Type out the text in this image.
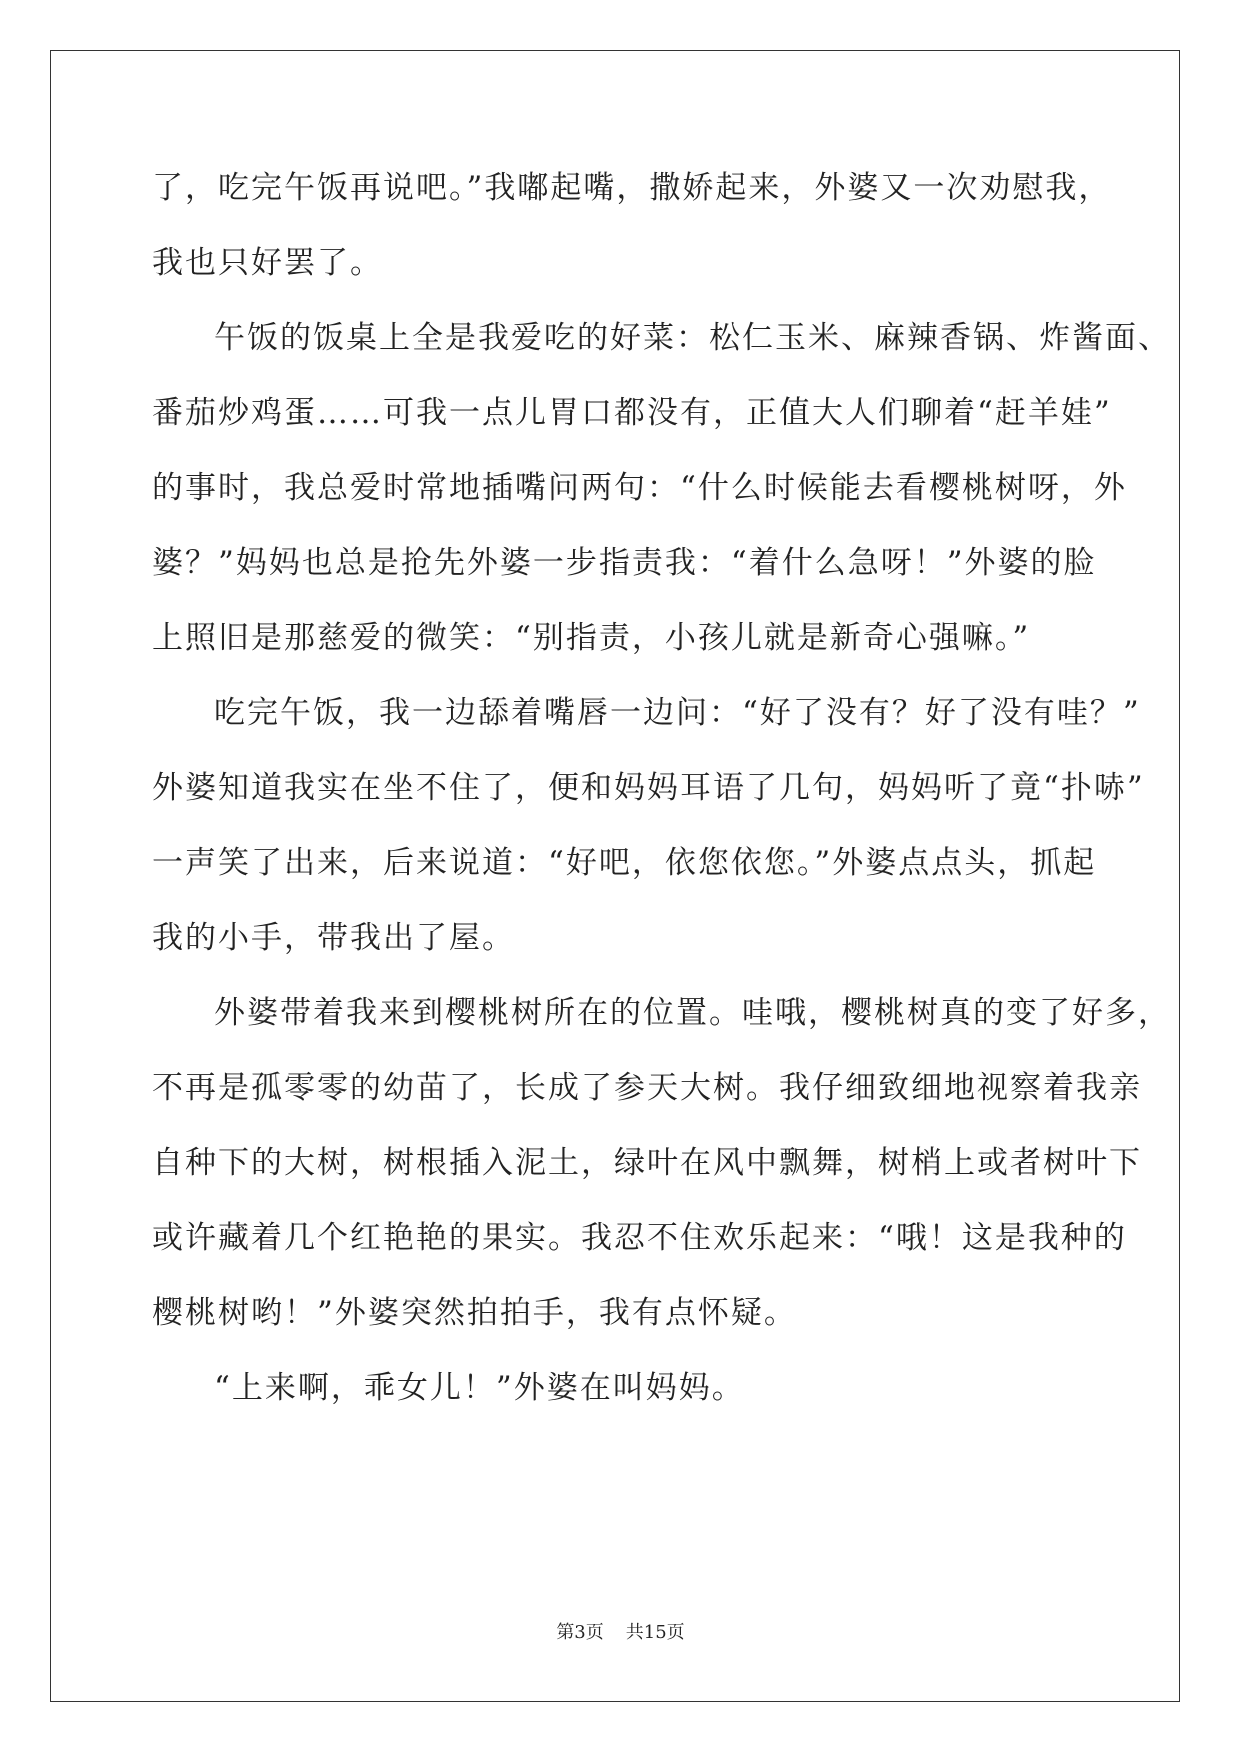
了，吃完午饭再说吧。”我嘟起嘴，撒娇起来，外婆又一次劝慰我，
我也只好罢了。
午饭的饭桌上全是我爱吃的好菜：松仁玉米、麻辣香锅、炸酱面、
番茄炒鸡蛋……可我一点儿胃口都没有，正值大人们聊着“赶羊娃”
的事时，我总爱时常地插嘴问两句：“什么时候能去看樱桃树呀，外
婆？”妈妈也总是抢先外婆一步指责我：“着什么急呀！”外婆的脸
上照旧是那慈爱的微笑：“别指责，小孩儿就是新奇心强嘛。”
吃完午饭，我一边舔着嘴唇一边问：“好了没有？好了没有哇？”
外婆知道我实在坐不住了，便和妈妈耳语了几句，妈妈听了竟“扑哧”
一声笑了出来，后来说道：“好吧，依您依您。”外婆点点头，抓起
我的小手，带我出了屋。
外婆带着我来到樱桃树所在的位置。哇哦，樱桃树真的变了好多，
不再是孤零零的幼苗了，长成了参天大树。我仔细致细地视察着我亲
自种下的大树，树根插入泥土，绿叶在风中飘舞，树梢上或者树叶下
或许藏着几个红艳艳的果实。我忍不住欢乐起来：“哦！这是我种的
樱桃树哟！”外婆突然拍拍手，我有点怀疑。
“上来啊，乖女儿！”外婆在叫妈妈。
第3页 共15页
